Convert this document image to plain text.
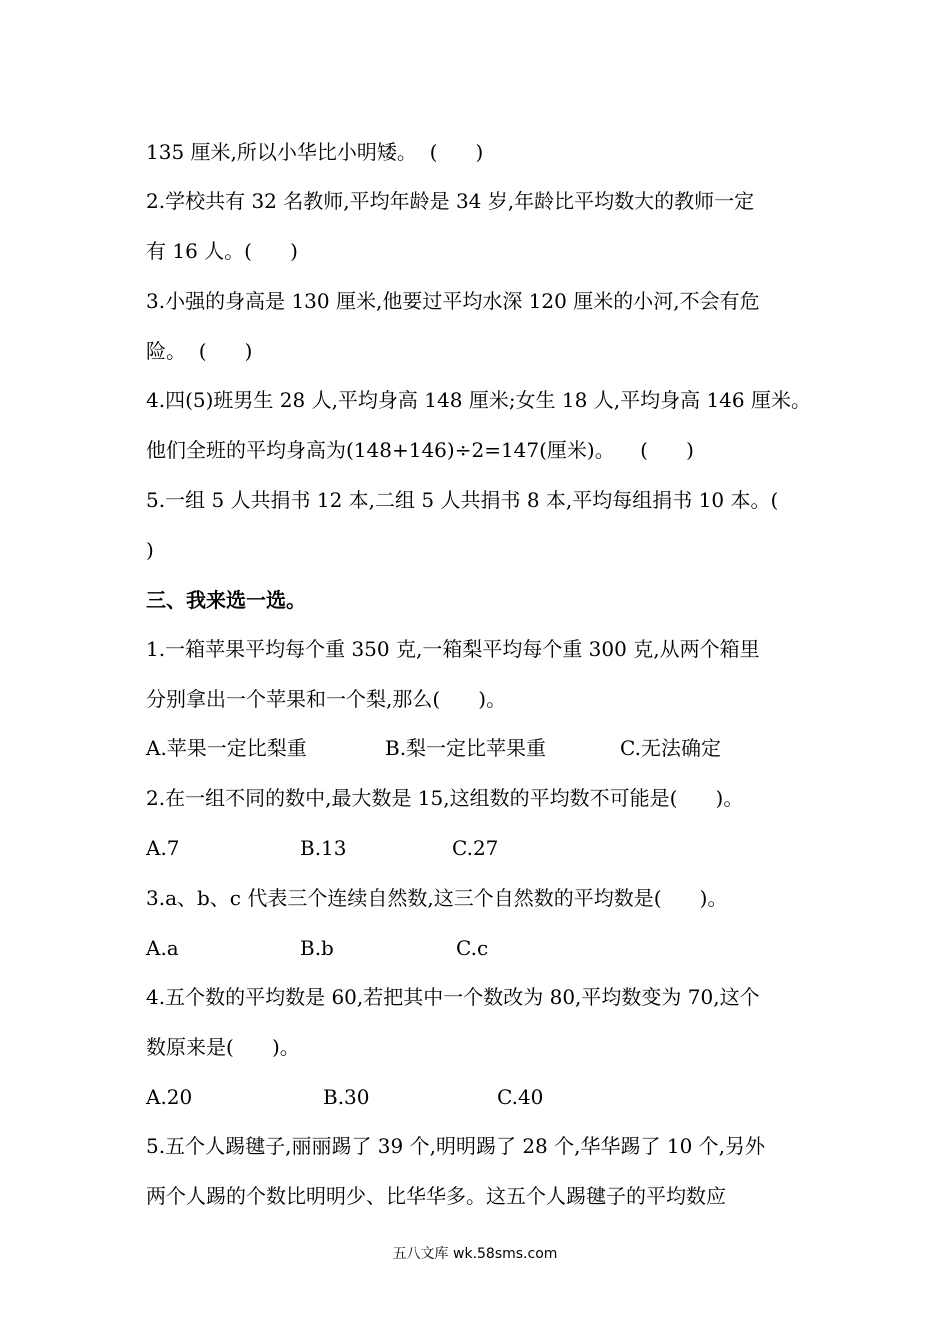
135 厘米,所以小华比小明矮。  (      )
2.学校共有 32 名教师,平均年龄是 34 岁,年龄比平均数大的教师一定
有 16 人。(      )
3.小强的身高是 130 厘米,他要过平均水深 120 厘米的小河,不会有危
险。  (      )
4.四(5)班男生 28 人,平均身高 148 厘米;女生 18 人,平均身高 146 厘米。
他们全班的平均身高为(148+146)÷2=147(厘米)。    (      )
5.一组 5 人共捐书 12 本,二组 5 人共捐书 8 本,平均每组捐书 10 本。(
)
三、我来选一选。
1.一箱苹果平均每个重 350 克,一箱梨平均每个重 300 克,从两个箱里
分别拿出一个苹果和一个梨,那么(      )。
A.苹果一定比梨重	B.梨一定比苹果重	C.无法确定
2.在一组不同的数中,最大数是 15,这组数的平均数不可能是(      )。
A.7	B.13	C.27
3.a、b、c 代表三个连续自然数,这三个自然数的平均数是(      )。
A.a	B.b	C.c
4.五个数的平均数是 60,若把其中一个数改为 80,平均数变为 70,这个
数原来是(      )。
A.20	B.30	C.40
5.五个人踢毽子,丽丽踢了 39 个,明明踢了 28 个,华华踢了 10 个,另外
两个人踢的个数比明明少、比华华多。这五个人踢毽子的平均数应
五八文库 wk.58sms.com
